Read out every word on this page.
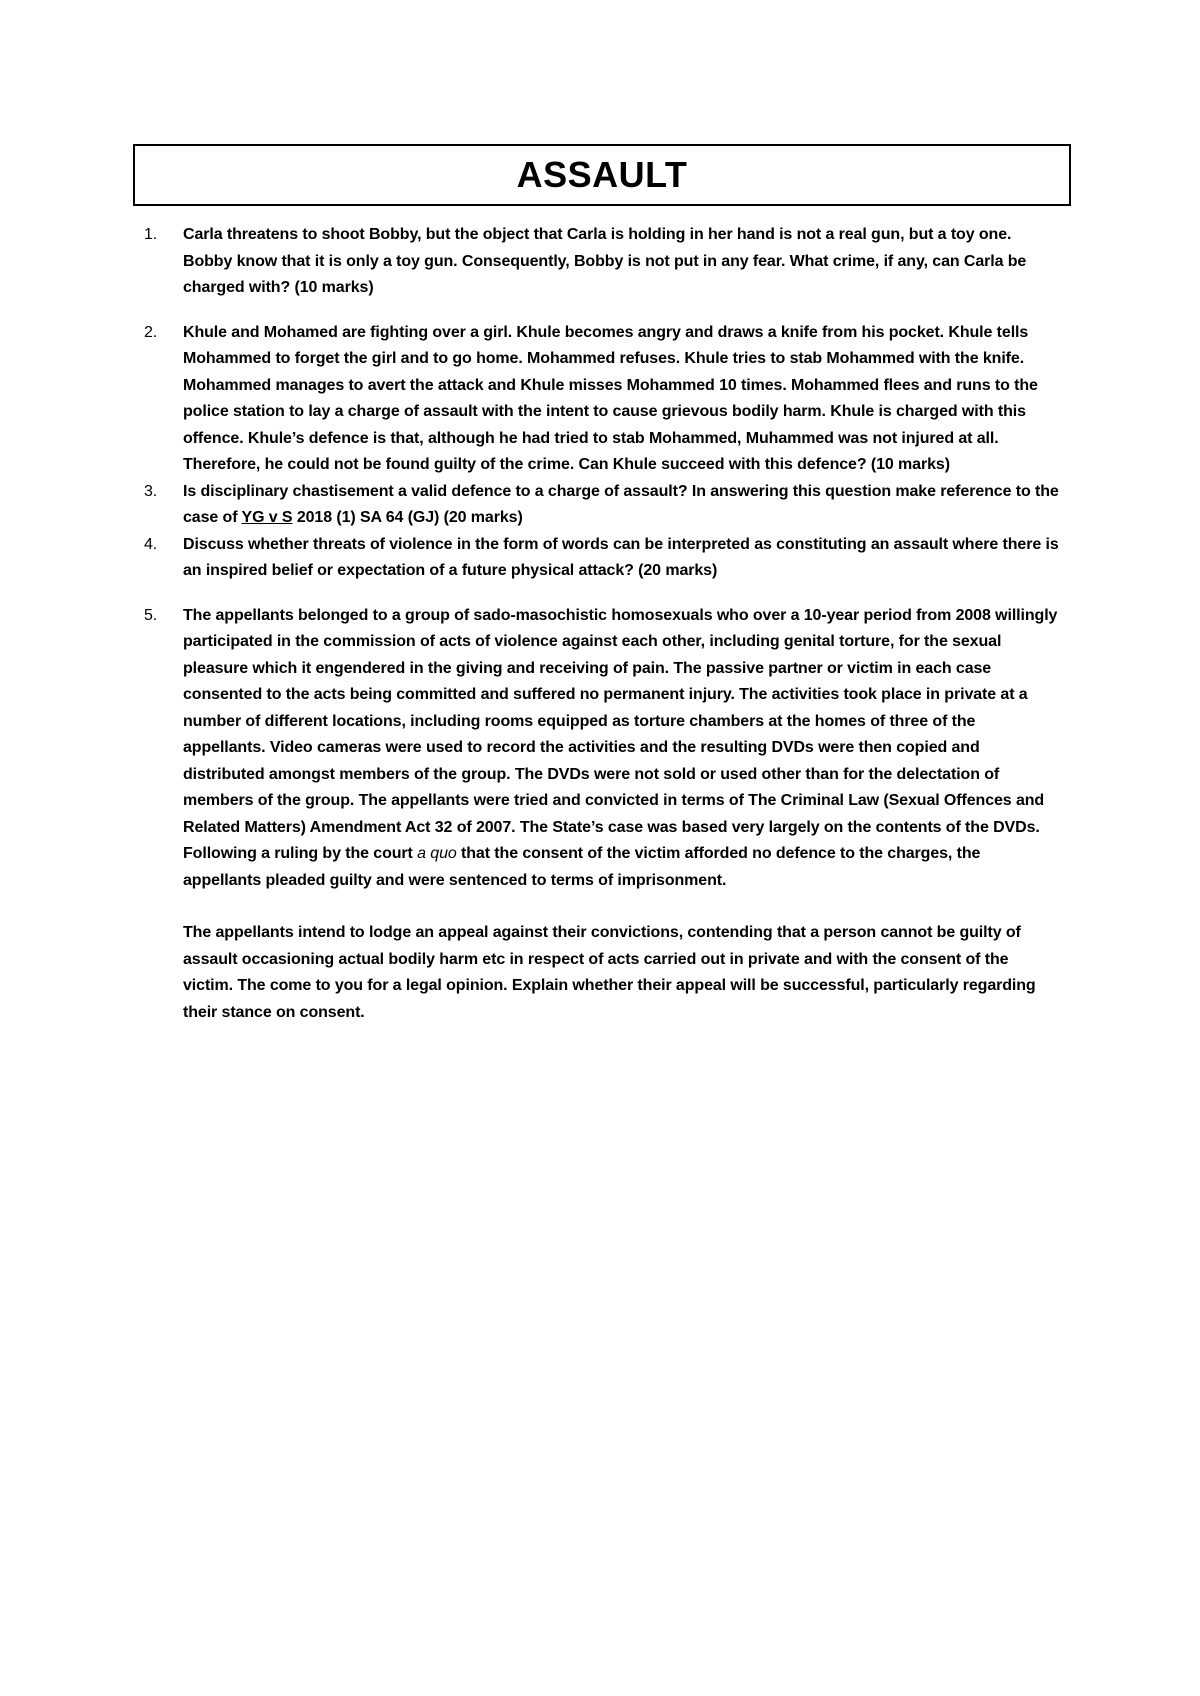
ASSAULT
1. Carla threatens to shoot Bobby, but the object that Carla is holding in her hand is not a real gun, but a toy one. Bobby know that it is only a toy gun. Consequently, Bobby is not put in any fear. What crime, if any, can Carla be charged with? (10 marks)
2. Khule and Mohamed are fighting over a girl. Khule becomes angry and draws a knife from his pocket. Khule tells Mohammed to forget the girl and to go home. Mohammed refuses. Khule tries to stab Mohammed with the knife. Mohammed manages to avert the attack and Khule misses Mohammed 10 times. Mohammed flees and runs to the police station to lay a charge of assault with the intent to cause grievous bodily harm. Khule is charged with this offence. Khule’s defence is that, although he had tried to stab Mohammed, Muhammed was not injured at all. Therefore, he could not be found guilty of the crime. Can Khule succeed with this defence? (10 marks)
3. Is disciplinary chastisement a valid defence to a charge of assault? In answering this question make reference to the case of YG v S 2018 (1) SA 64 (GJ) (20 marks)
4. Discuss whether threats of violence in the form of words can be interpreted as constituting an assault where there is an inspired belief or expectation of a future physical attack? (20 marks)
5. The appellants belonged to a group of sado-masochistic homosexuals who over a 10-year period from 2008 willingly participated in the commission of acts of violence against each other, including genital torture, for the sexual pleasure which it engendered in the giving and receiving of pain. The passive partner or victim in each case consented to the acts being committed and suffered no permanent injury. The activities took place in private at a number of different locations, including rooms equipped as torture chambers at the homes of three of the appellants. Video cameras were used to record the activities and the resulting DVDs were then copied and distributed amongst members of the group. The DVDs were not sold or used other than for the delectation of members of the group. The appellants were tried and convicted in terms of The Criminal Law (Sexual Offences and Related Matters) Amendment Act 32 of 2007. The State’s case was based very largely on the contents of the DVDs. Following a ruling by the court a quo that the consent of the victim afforded no defence to the charges, the appellants pleaded guilty and were sentenced to terms of imprisonment.
The appellants intend to lodge an appeal against their convictions, contending that a person cannot be guilty of assault occasioning actual bodily harm etc in respect of acts carried out in private and with the consent of the victim. The come to you for a legal opinion. Explain whether their appeal will be successful, particularly regarding their stance on consent.
